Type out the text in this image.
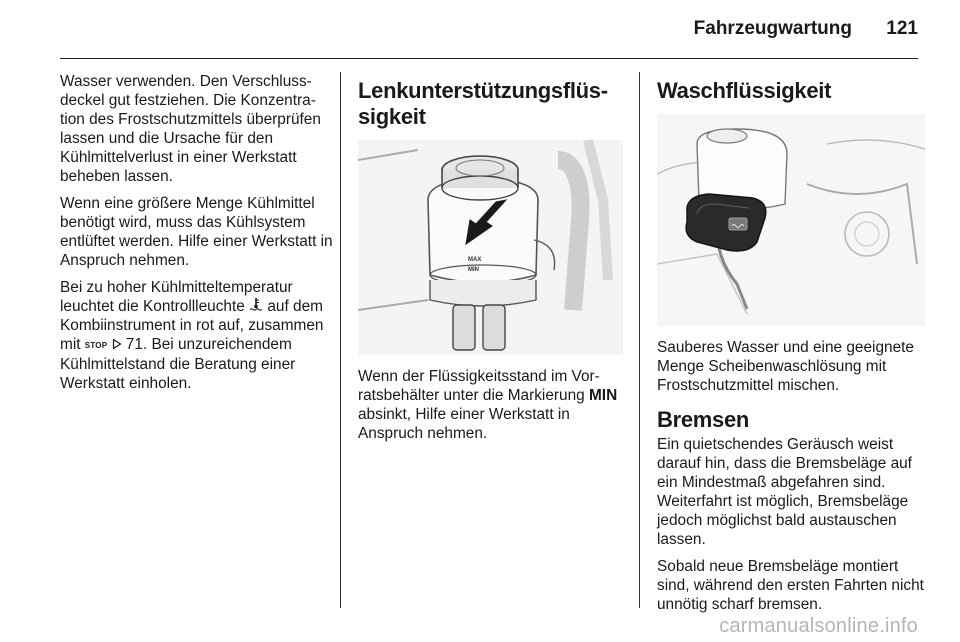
Fahrzeugwartung 121

Wasser verwenden. Den Verschlussdeckel gut festziehen. Die Konzentration des Frostschutzmittels überprüfen lassen und die Ursache für den Kühlmittelverlust in einer Werkstatt beheben lassen.

Wenn eine größere Menge Kühlmittel benötigt wird, muss das Kühlsystem entlüftet werden. Hilfe einer Werkstatt in Anspruch nehmen.

Bei zu hoher Kühlmitteltemperatur leuchtet die Kontrollleuchte  auf dem Kombiinstrument in rot auf, zusammen mit STOP  71. Bei unzureichendem Kühlmittelstand die Beratung einer Werkstatt einholen.

Lenkunterstützungsflüssigkeit
MAX
MIN

Wenn der Flüssigkeitsstand im Vorratsbehälter unter die Markierung MIN absinkt, Hilfe einer Werkstatt in Anspruch nehmen.

Waschflüssigkeit

Sauberes Wasser und eine geeignete Menge Scheibenwaschlösung mit Frostschutzmittel mischen.

Bremsen

Ein quietschendes Geräusch weist darauf hin, dass die Bremsbeläge auf ein Mindestmaß abgefahren sind. Weiterfahrt ist möglich, Bremsbeläge jedoch möglichst bald austauschen lassen.

Sobald neue Bremsbeläge montiert sind, während den ersten Fahrten nicht unnötig scharf bremsen.

carmanualsonline.info
